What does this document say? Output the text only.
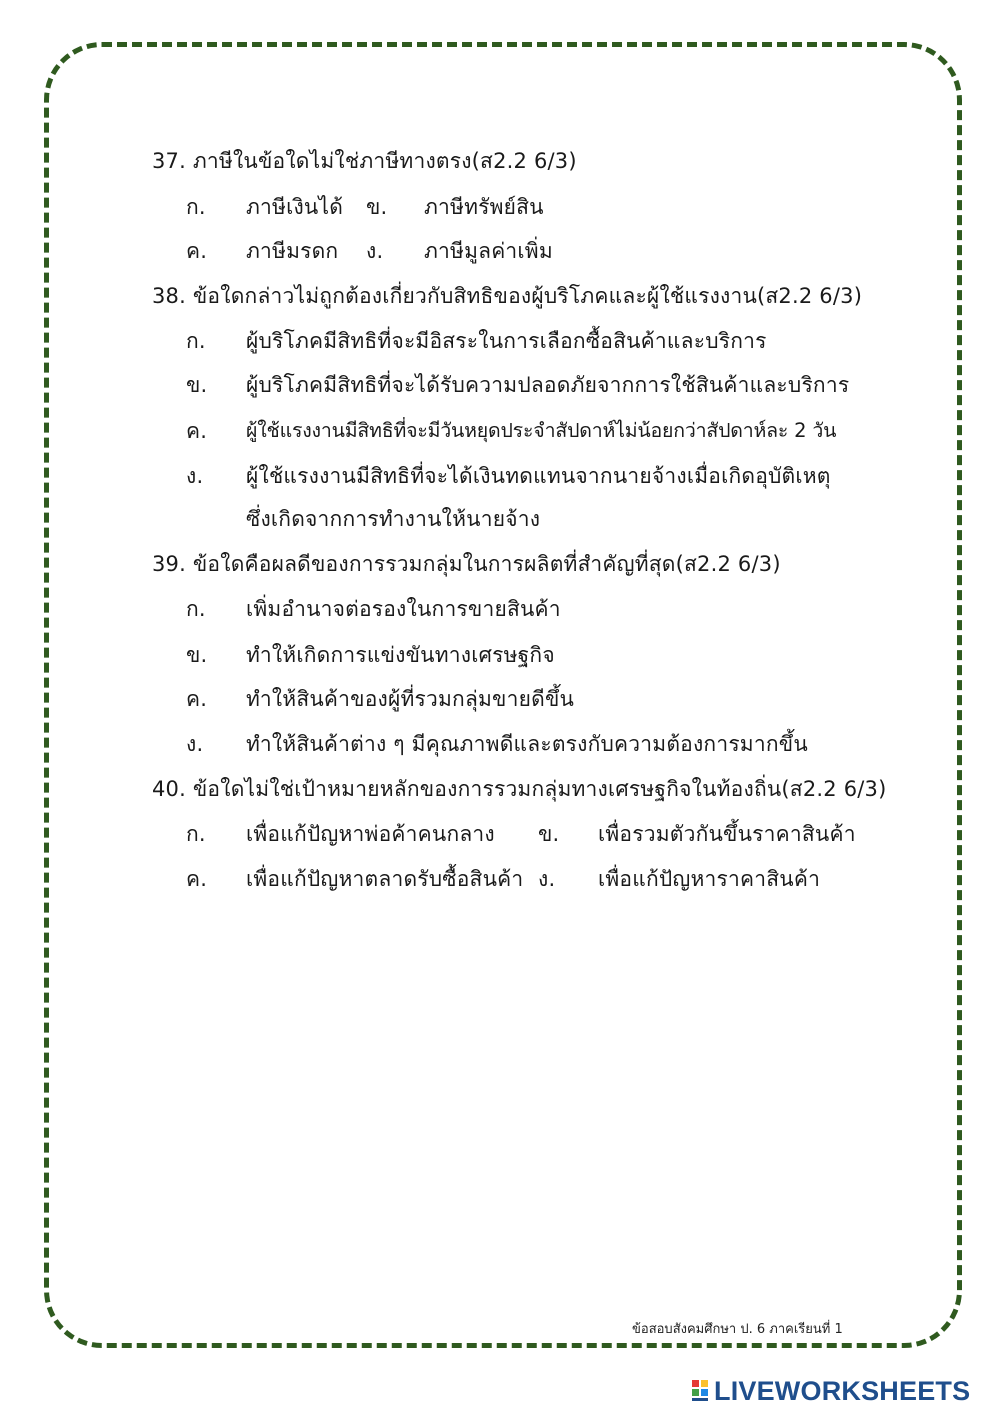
37. ภาษีในข้อใดไม่ใช่ภาษีทางตรง(ส2.2 6/3)
ก.	ภาษีเงินได้ ข.	ภาษีทรัพย์สิน
ค.	ภาษีมรดก ง.	ภาษีมูลค่าเพิ่ม
38. ข้อใดกล่าวไม่ถูกต้องเกี่ยวกับสิทธิของผู้บริโภคและผู้ใช้แรงงาน(ส2.2 6/3)
ก.	ผู้บริโภคมีสิทธิที่จะมีอิสระในการเลือกซื้อสินค้าและบริการ
ข.	ผู้บริโภคมีสิทธิที่จะได้รับความปลอดภัยจากการใช้สินค้าและบริการ
ค.	ผู้ใช้แรงงานมีสิทธิที่จะมีวันหยุดประจำสัปดาห์ไม่น้อยกว่าสัปดาห์ละ 2 วัน
ง.	ผู้ใช้แรงงานมีสิทธิที่จะได้เงินทดแทนจากนายจ้างเมื่อเกิดอุบัติเหตุ
ซึ่งเกิดจากการทำงานให้นายจ้าง
39. ข้อใดคือผลดีของการรวมกลุ่มในการผลิตที่สำคัญที่สุด(ส2.2 6/3)
ก.	เพิ่มอำนาจต่อรองในการขายสินค้า
ข.	ทำให้เกิดการแข่งขันทางเศรษฐกิจ
ค.	ทำให้สินค้าของผู้ที่รวมกลุ่มขายดีขึ้น
ง.	ทำให้สินค้าต่าง ๆ มีคุณภาพดีและตรงกับความต้องการมากขึ้น
40. ข้อใดไม่ใช่เป้าหมายหลักของการรวมกลุ่มทางเศรษฐกิจในท้องถิ่น(ส2.2 6/3)
ก.	เพื่อแก้ปัญหาพ่อค้าคนกลาง ข.	เพื่อรวมตัวกันขึ้นราคาสินค้า
ค.	เพื่อแก้ปัญหาตลาดรับซื้อสินค้า ง.	เพื่อแก้ปัญหาราคาสินค้า
ข้อสอบสังคมศึกษา ป. 6 ภาคเรียนที่ 1
LIVEWORKSHEETS
